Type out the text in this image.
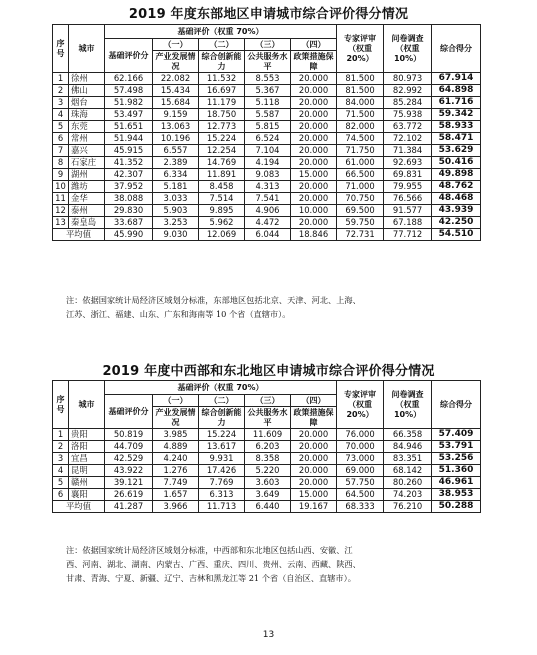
2019 年度东部地区申请城市综合评价得分情况
序号	城市	基础评价（权重 70%）					专家评审（权重 20%）	问卷调查（权重 10%）	综合得分
		基础评价分	（一）	（二）	（三）	（四）			
			产业发展情况	综合创新能力	公共服务水平	政策措施保障			
1	徐州	62.166	22.082	11.532	8.553	20.000	81.500	80.973	67.914
2	佛山	57.498	15.434	16.697	5.367	20.000	81.500	82.992	64.898
3	烟台	51.982	15.684	11.179	5.118	20.000	84.000	85.284	61.716
4	珠海	53.497	9.159	18.750	5.587	20.000	71.500	75.938	59.342
5	东莞	51.651	13.063	12.773	5.815	20.000	82.000	63.772	58.933
6	常州	51.944	10.196	15.224	6.524	20.000	74.500	72.102	58.471
7	嘉兴	45.915	6.557	12.254	7.104	20.000	71.750	71.384	53.629
8	石家庄	41.352	2.389	14.769	4.194	20.000	61.000	92.693	50.416
9	湖州	42.307	6.334	11.891	9.083	15.000	66.500	69.831	49.898
10	潍坊	37.952	5.181	8.458	4.313	20.000	71.000	79.955	48.762
11	金华	38.088	3.033	7.514	7.541	20.000	70.750	76.566	48.468
12	泰州	29.830	5.903	9.895	4.906	10.000	69.500	91.577	43.939
13	秦皇岛	33.687	3.253	5.962	4.472	20.000	59.750	67.188	42.250
平均值		45.990	9.030	12.069	6.044	18.846	72.731	77.712	54.510
注：依据国家统计局经济区域划分标准，东部地区包括北京、天津、河北、上海、
江苏、浙江、福建、山东、广东和海南等 10 个省（直辖市）。
2019 年度中西部和东北地区申请城市综合评价得分情况
序号	城市	基础评价（权重 70%）					专家评审（权重 20%）	问卷调查（权重 10%）	综合得分
		基础评价分	（一）	（二）	（三）	（四）			
			产业发展情况	综合创新能力	公共服务水平	政策措施保障			
1	贵阳	50.819	3.985	15.224	11.609	20.000	76.000	66.358	57.409
2	洛阳	44.709	4.889	13.617	6.203	20.000	70.000	84.946	53.791
3	宜昌	42.529	4.240	9.931	8.358	20.000	73.000	83.351	53.256
4	昆明	43.922	1.276	17.426	5.220	20.000	69.000	68.142	51.360
5	赣州	39.121	7.749	7.769	3.603	20.000	57.750	80.260	46.961
6	襄阳	26.619	1.657	6.313	3.649	15.000	64.500	74.203	38.953
平均值		41.287	3.966	11.713	6.440	19.167	68.333	76.210	50.288
注：依据国家统计局经济区域划分标准，中西部和东北地区包括山西、安徽、江
西、河南、湖北、湖南、内蒙古、广西、重庆、四川、贵州、云南、西藏、陕西、
甘肃、青海、宁夏、新疆、辽宁、吉林和黑龙江等 21 个省（自治区、直辖市）。
13
